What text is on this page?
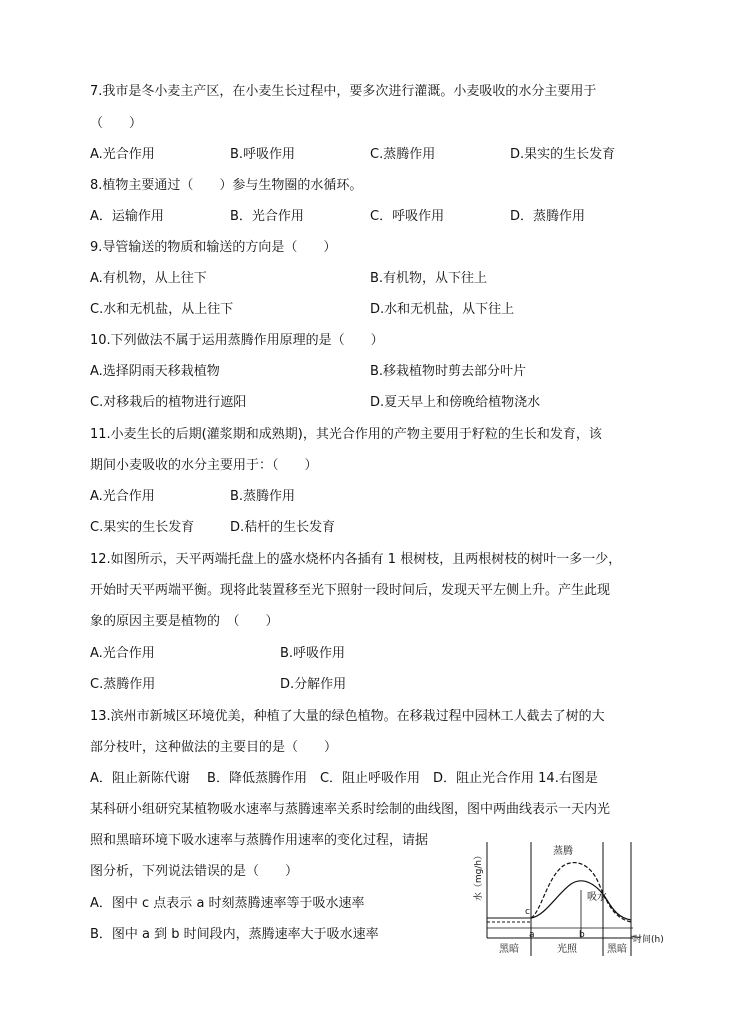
7.我市是冬小麦主产区，在小麦生长过程中，要多次进行灌溉。小麦吸收的水分主要用于
（　　）
A.光合作用	B.呼吸作用	C.蒸腾作用	D.果实的生长发育
8.植物主要通过（　　）参与生物圈的水循环。
A．运输作用	B．光合作用	C．呼吸作用	D．蒸腾作用
9.导管输送的物质和输送的方向是（　　）
A.有机物，从上往下	B.有机物，从下往上
C.水和无机盐，从上往下	D.水和无机盐，从下往上
10.下列做法不属于运用蒸腾作用原理的是（　　）
A.选择阴雨天移栽植物	B.移栽植物时剪去部分叶片
C.对移栽后的植物进行遮阳	D.夏天早上和傍晚给植物浇水
11.小麦生长的后期(灌浆期和成熟期)，其光合作用的产物主要用于籽粒的生长和发育，该
期间小麦吸收的水分主要用于：（　　）
A.光合作用	B.蒸腾作用
C.果实的生长发育	D.秸杆的生长发育
12.如图所示，天平两端托盘上的盛水烧杯内各插有 1 根树枝，且两根树枝的树叶一多一少，
开始时天平两端平衡。现将此装置移至光下照射一段时间后，发现天平左侧上升。产生此现
象的原因主要是植物的　（　　）
A.光合作用	B.呼吸作用
C.蒸腾作用	D.分解作用
13.滨州市新城区环境优美，种植了大量的绿色植物。在移栽过程中园林工人截去了树的大
部分枝叶，这种做法的主要目的是（　　）
A．阻止新陈代谢　 B．降低蒸腾作用　C．阻止呼吸作用　D．阻止光合作用 14.右图是
某科研小组研究某植物吸水速率与蒸腾速率关系时绘制的曲线图，图中两曲线表示一天内光
照和黑暗环境下吸水速率与蒸腾作用速率的变化过程，请据
图分析，下列说法错误的是（　　）
A．图中 c 点表示 a 时刻蒸腾速率等于吸水速率
B．图中 a 到 b 时间段内，蒸腾速率大于吸水速率
水（mg/h）	蒸腾
吸水
c
a	b
黑暗	光照	黑暗
时间(h)
